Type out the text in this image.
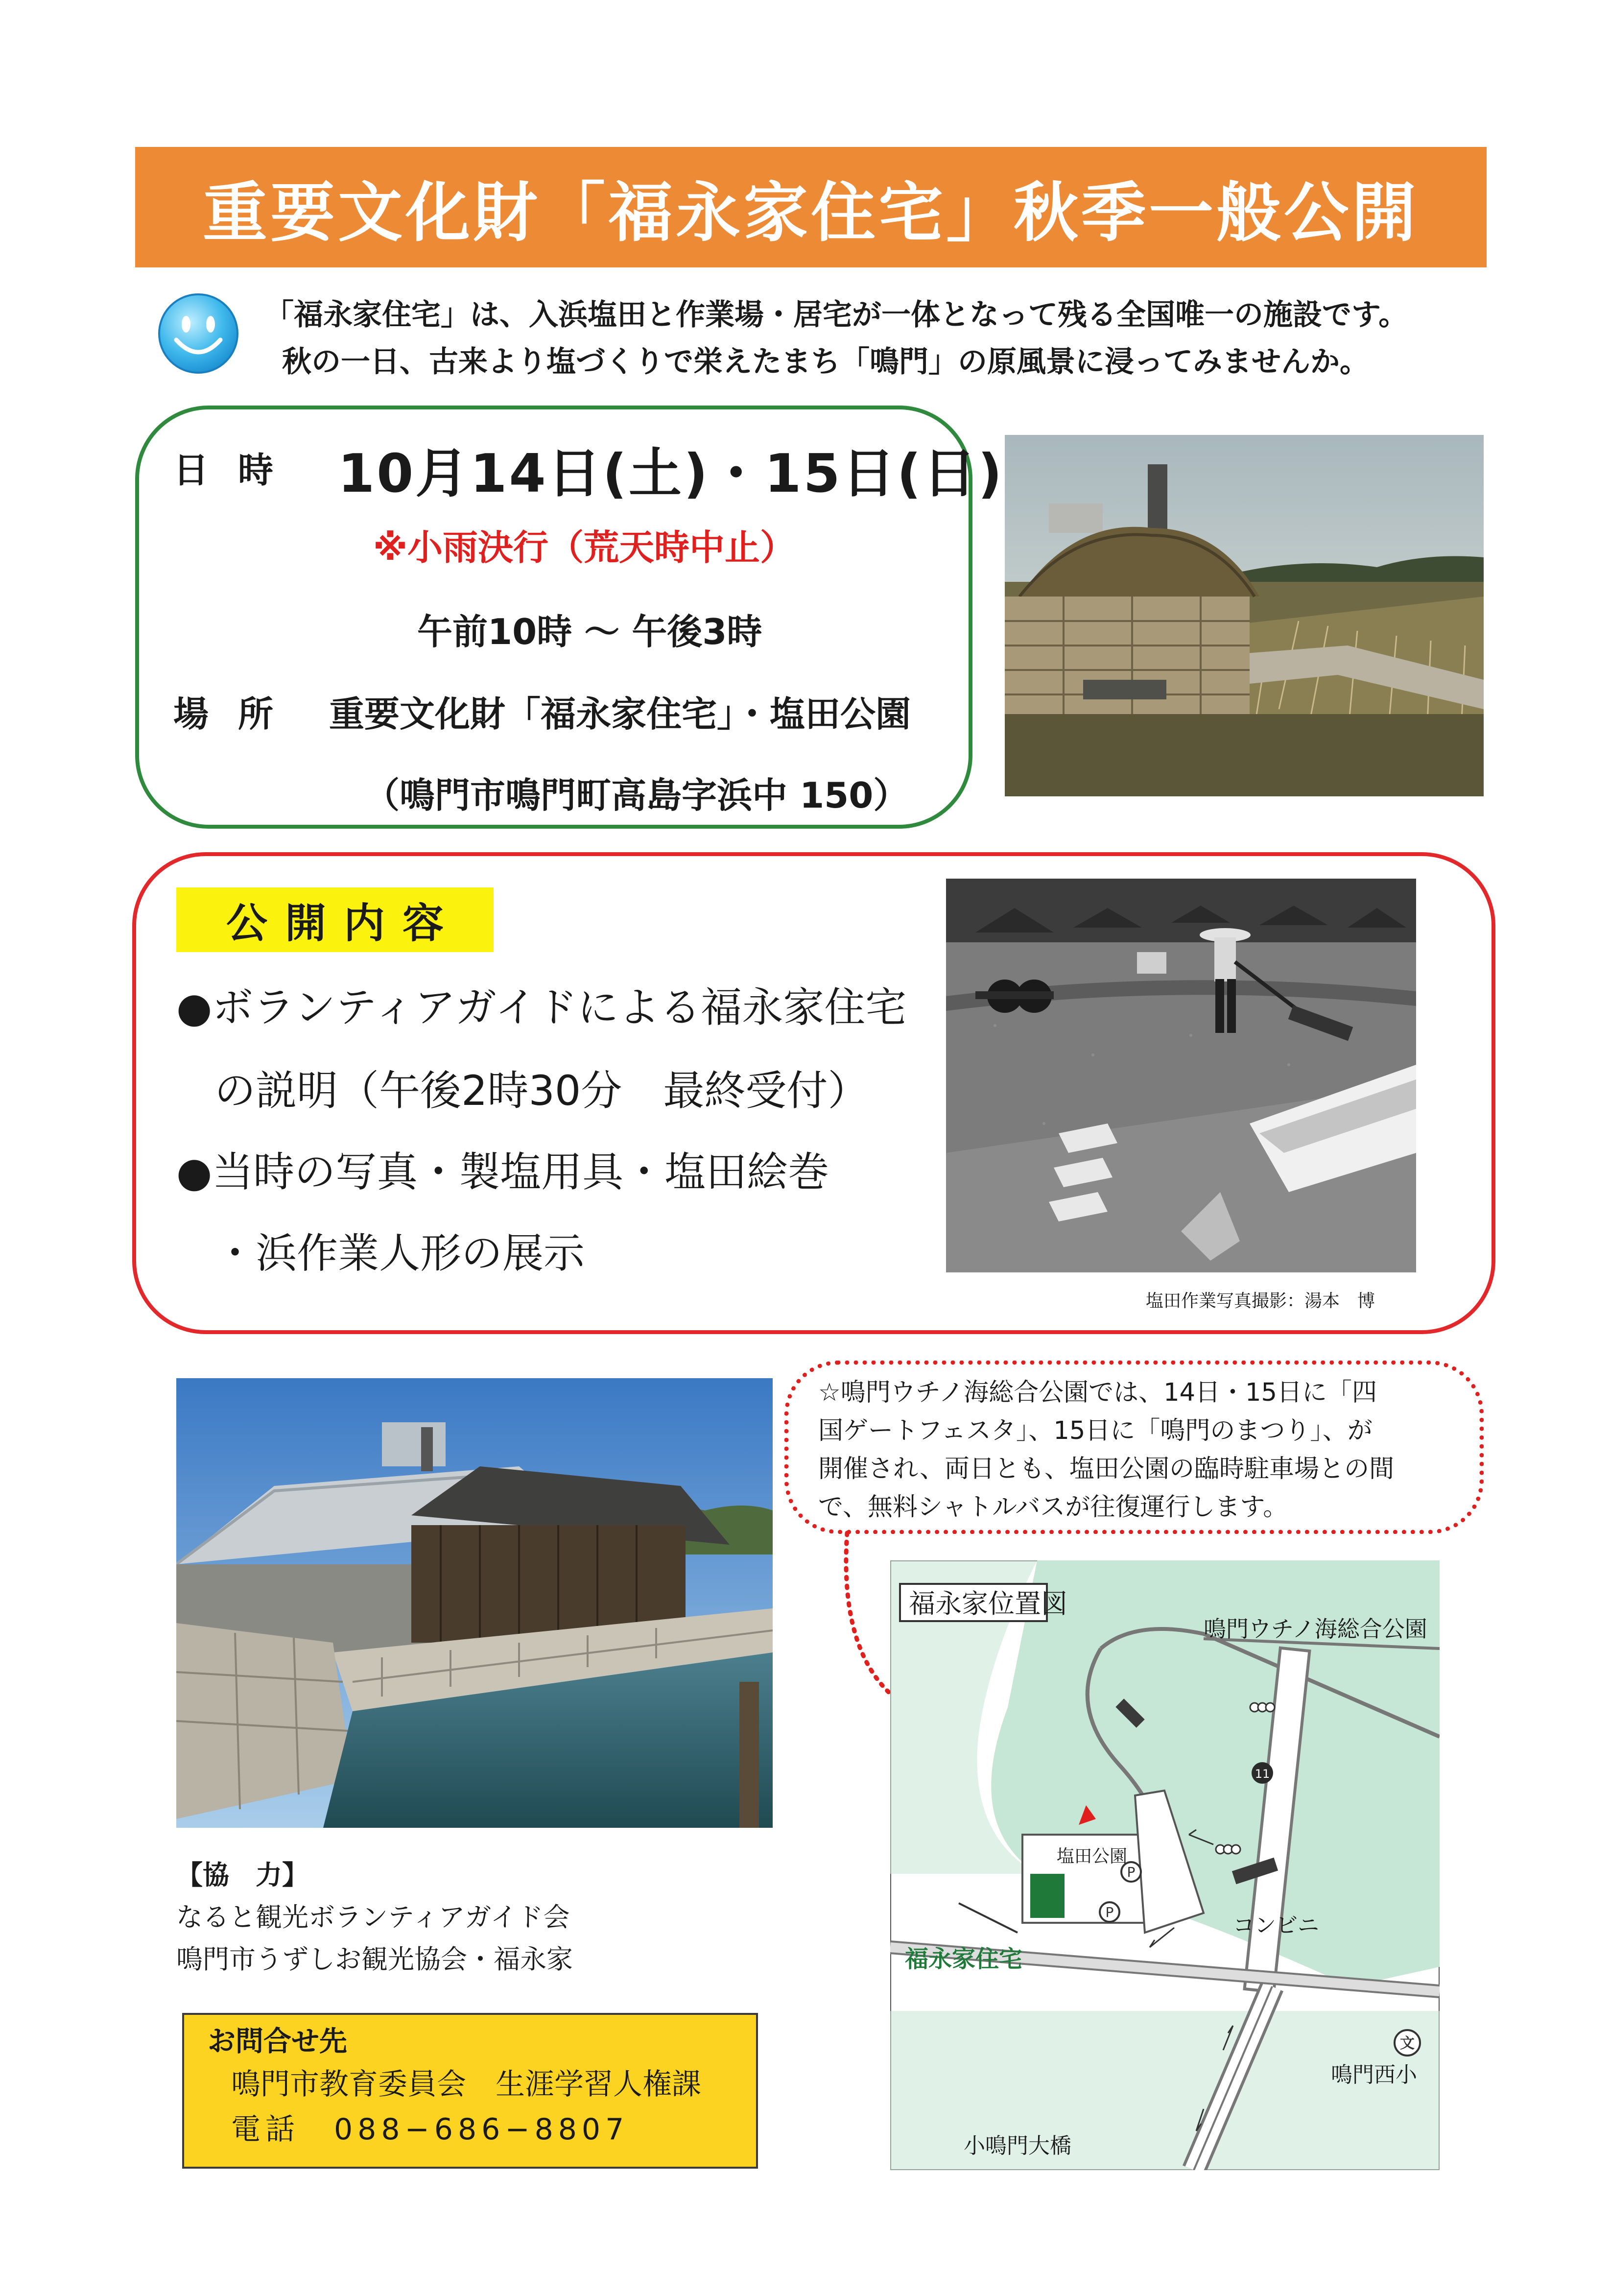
重要文化財「福永家住宅」秋季一般公開
「福永家住宅」は、入浜塩田と作業場・居宅が一体となって残る全国唯一の施設です。
秋の一日、古来より塩づくりで栄えたまち「鳴門」の原風景に浸ってみませんか。
日時 10月14日(土)・15日(日)
※小雨決行（荒天時中止）
午前10時 〜 午後3時
場所 重要文化財「福永家住宅」・塩田公園
（鳴門市鳴門町高島字浜中 150）
公開内容
●ボランティアガイドによる福永家住宅
の説明（午後2時30分　最終受付）
●当時の写真・製塩用具・塩田絵巻
・浜作業人形の展示
塩田作業写真撮影：湯本　博
【協　力】
なると観光ボランティアガイド会
鳴門市うずしお観光協会・福永家
お問合せ先
鳴門市教育委員会　生涯学習人権課
電話　088−686−8807
☆鳴門ウチノ海総合公園では、14日・15日に「四
国ゲートフェスタ」、15日に「鳴門のまつり」、が
開催され、両日とも、塩田公園の臨時駐車場との間
で、無料シャトルバスが往復運行します。
P
P
11
文
福永家位置図
鳴門ウチノ海総合公園
塩田公園
コンビニ
福永家住宅
鳴門西小
小鳴門大橋
